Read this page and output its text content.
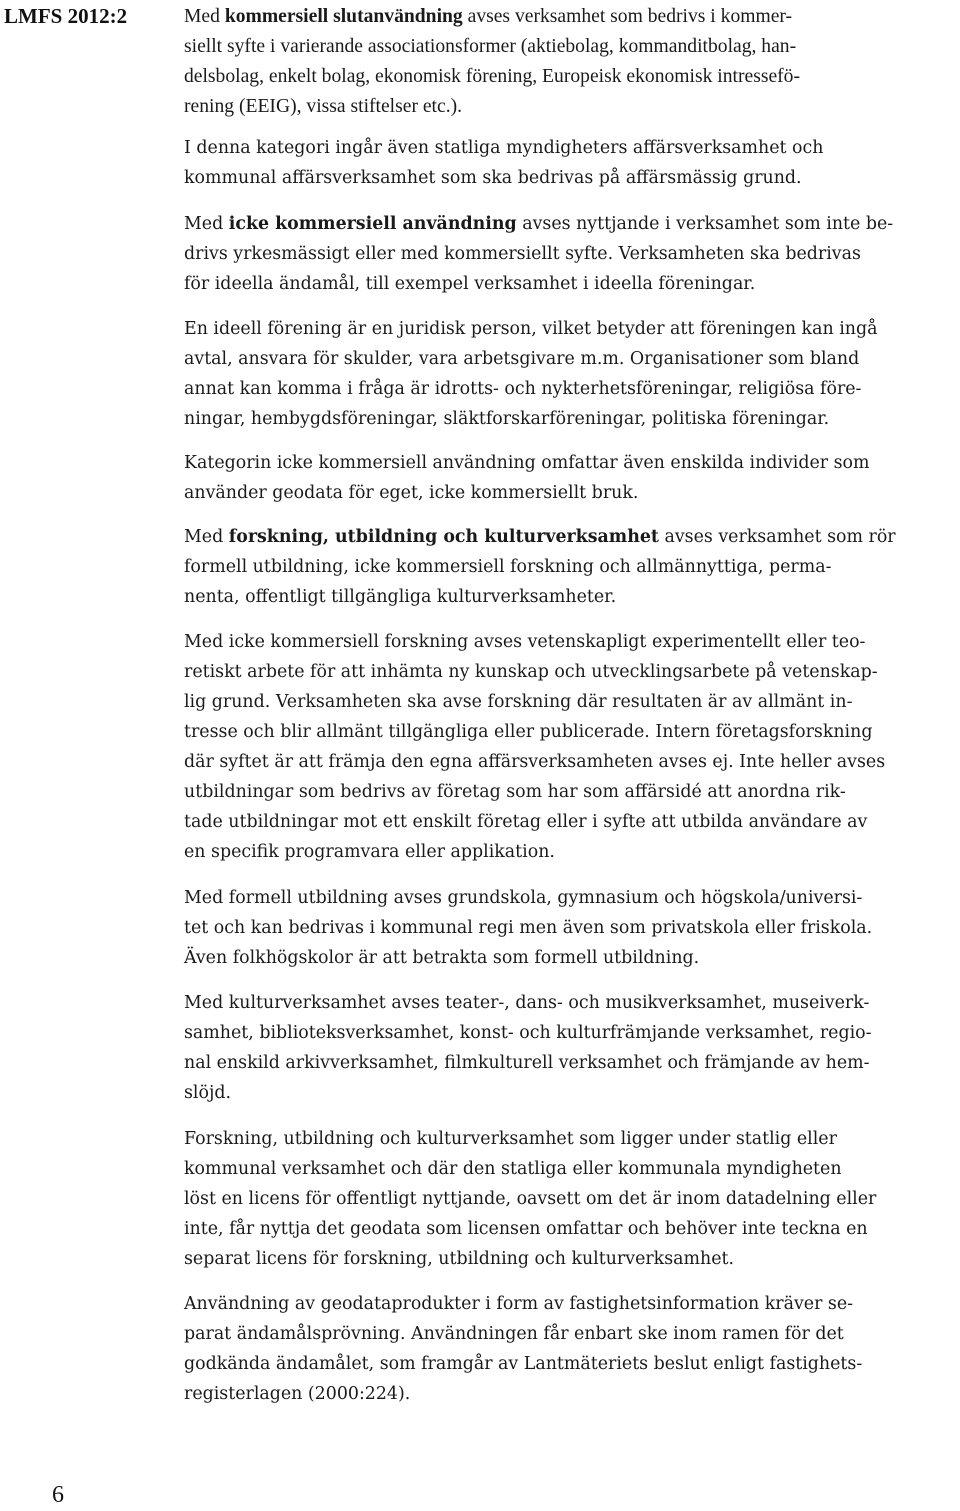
LMFS 2012:2	Med kommersiell slutanvändning avses verksamhet som bedrivs i kommer-
siellt syfte i varierande associationsformer (aktiebolag, kommanditbolag, han-
delsbolag, enkelt bolag, ekonomisk förening, Europeisk ekonomisk intressefö-
rening (EEIG), vissa stiftelser etc.).
I denna kategori ingår även statliga myndigheters affärsverksamhet och
kommunal affärsverksamhet som ska bedrivas på affärsmässig grund.
Med icke kommersiell användning avses nyttjande i verksamhet som inte be-
drivs yrkesmässigt eller med kommersiellt syfte. Verksamheten ska bedrivas
för ideella ändamål, till exempel verksamhet i ideella föreningar.
En ideell förening är en juridisk person, vilket betyder att föreningen kan ingå
avtal, ansvara för skulder, vara arbetsgivare m.m. Organisationer som bland
annat kan komma i fråga är idrotts- och nykterhetsföreningar, religiösa före-
ningar, hembygdsföreningar, släktforskarföreningar, politiska föreningar.
Kategorin icke kommersiell användning omfattar även enskilda individer som
använder geodata för eget, icke kommersiellt bruk.
Med forskning, utbildning och kulturverksamhet avses verksamhet som rör
formell utbildning, icke kommersiell forskning och allmännyttiga, perma-
nenta, offentligt tillgängliga kulturverksamheter.
Med icke kommersiell forskning avses vetenskapligt experimentellt eller teo-
retiskt arbete för att inhämta ny kunskap och utvecklingsarbete på vetenskap-
lig grund. Verksamheten ska avse forskning där resultaten är av allmänt in-
tresse och blir allmänt tillgängliga eller publicerade. Intern företagsforskning
där syftet är att främja den egna affärsverksamheten avses ej. Inte heller avses
utbildningar som bedrivs av företag som har som affärsidé att anordna rik-
tade utbildningar mot ett enskilt företag eller i syfte att utbilda användare av
en specifik programvara eller applikation.
Med formell utbildning avses grundskola, gymnasium och högskola/universi-
tet och kan bedrivas i kommunal regi men även som privatskola eller friskola.
Även folkhögskolor är att betrakta som formell utbildning.
Med kulturverksamhet avses teater-, dans- och musikverksamhet, museiverk-
samhet, biblioteksverksamhet, konst- och kulturfrämjande verksamhet, regio-
nal enskild arkivverksamhet, filmkulturell verksamhet och främjande av hem-
slöjd.
Forskning, utbildning och kulturverksamhet som ligger under statlig eller
kommunal verksamhet och där den statliga eller kommunala myndigheten
löst en licens för offentligt nyttjande, oavsett om det är inom datadelning eller
inte, får nyttja det geodata som licensen omfattar och behöver inte teckna en
separat licens för forskning, utbildning och kulturverksamhet.
Användning av geodataprodukter i form av fastighetsinformation kräver se-
parat ändamålsprövning. Användningen får enbart ske inom ramen för det
godkända ändamålet, som framgår av Lantmäteriets beslut enligt fastighets-
registerlagen (2000:224).
6
